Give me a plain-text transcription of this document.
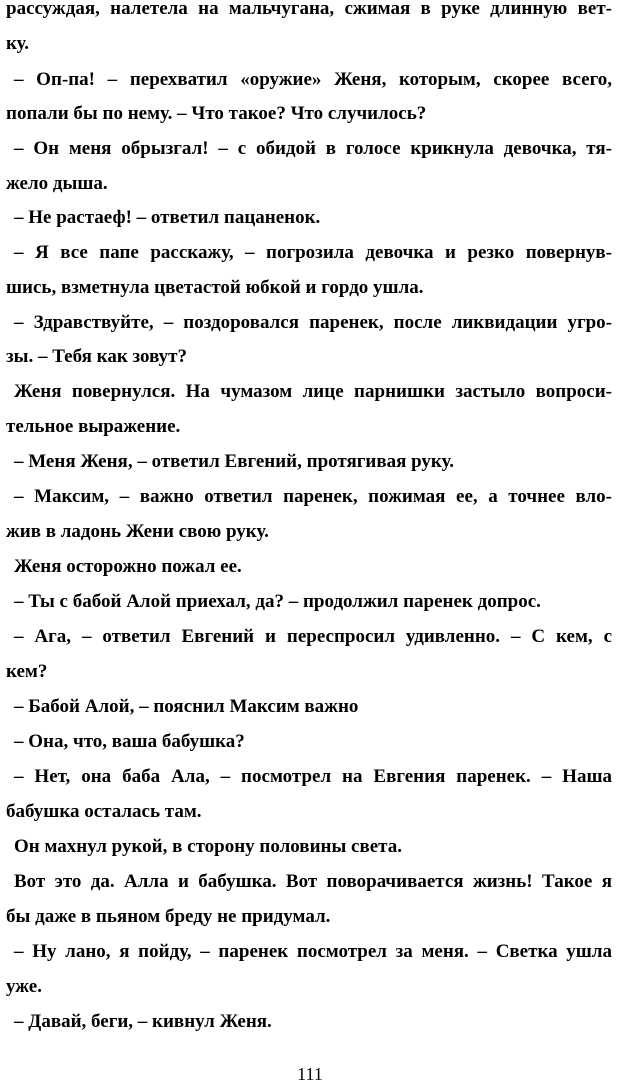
рассуждая, налетела на мальчугана, сжимая в руке длинную вет-
ку.
– Оп-па! – перехватил «оружие» Женя, которым, скорее всего,
попали бы по нему. – Что такое? Что случилось?
– Он меня обрызгал! – с обидой в голосе крикнула девочка, тя-
жело дыша.
– Не растаеф! – ответил пацаненок.
– Я все папе расскажу, – погрозила девочка и резко повернув-
шись, взметнула цветастой юбкой и гордо ушла.
– Здравствуйте, – поздоровался паренек, после ликвидации угро-
зы. – Тебя как зовут?
Женя повернулся. На чумазом лице парнишки застыло вопроси-
тельное выражение.
– Меня Женя, – ответил Евгений, протягивая руку.
– Максим, – важно ответил паренек, пожимая ее, а точнее вло-
жив в ладонь Жени свою руку.
Женя осторожно пожал ее.
– Ты с бабой Алой приехал, да? – продолжил паренек допрос.
– Ага, – ответил Евгений и переспросил удивленно. – С кем, с
кем?
– Бабой Алой, – пояснил Максим важно
– Она, что, ваша бабушка?
– Нет, она баба Ала, – посмотрел на Евгения паренек. – Наша
бабушка осталась там.
Он махнул рукой, в сторону половины света.
Вот это да. Алла и бабушка. Вот поворачивается жизнь! Такое я
бы даже в пьяном бреду не придумал.
– Ну лано, я пойду, – паренек посмотрел за меня. – Светка ушла
уже.
– Давай, беги, – кивнул Женя.
111
